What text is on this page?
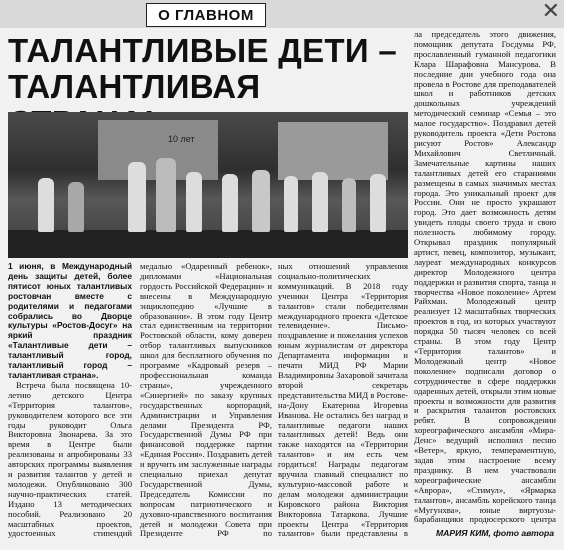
О ГЛАВНОМ	✕
ТАЛАНТЛИВЫЕ ДЕТИ –
ТАЛАНТЛИВАЯ
10 лет
1 июня, в Международный день защиты детей, более пятисот юных талантливых ростовчан вместе с родителями и педагогами собрались во Дворце культуры «Ростов-Досуг» на яркий праздник «Талантливые дети – талантливый город, талантливый город – талантливая страна».
Встреча была посвящена 10-летию детского Центра «Территория талантов», руководителем которого все эти годы руководит Ольга Викторовна Звонарева. За это время в Центре были реализованы и апробированы 33 авторских программы выявления и развития талантов у детей и молодежи. Опубликовано 300 научно-практических статей. Издано 13 методических пособий. Реализовано 20 масштабных проектов, удостоенных стипендий
медалью «Одаренный ребенок», дипломами «Национальная гордость Российской Федерации» и внесены в Международную энциклопедию «Лучшие в образовании». В этом году Центр стал единственным на территории Ростовской области, кому доверен отбор талантливых выпускников школ для бесплатного обучения по программе «Кадровый резерв – профессиональная команда страны», учрежденного «Синергией» по заказу крупных государственных корпораций, Администрации и Управления делами Президента РФ, Государственной Думы РФ при финансовой поддержке партии «Единая Россия». Поздравить детей и вручить им заслуженные награды специально приехал депутат Государственной Думы, Председатель Комиссии по вопросам патриотического и духовно-нравственного воспитания детей и молодежи Совета при Президенте РФ по
ных отношений управления социально-политических коммуникаций. В 2018 году ученики Центра «Территория талантов» стали победителями международного проекта «Детское телевидение». Письмо-поздравление и пожелания успехов юным журналистам от директора Департамента информации и печати МИД РФ Марии Владимировны Захаровой зачитала второй секретарь представительства МИД в Ростове-на-Дону Екатерина Игоревна Иванова. Не остались без наград и талантливые педагоги наших талантливых детей! Ведь они также находятся на «Территории талантов» и им есть чем гордиться! Награды педагогам вручила главный специалист по культурно-массовой работе и делам молодежи администрации Кировского района Виктория Викторовна Татаркова. Лучшие проекты Центра «Территория талантов» были представлены в
ла председатель этого движения, помощник депутата Госдумы РФ, прославленный гуманной педагогики Клара Шарафовна Мансурова. В последние дни учебного года она провела в Ростове для преподавателей школ и работников детских дошкольных учреждений методический семинар «Семья – это малое государство». Поздравил детей руководитель проекта «Дети Ростова рисуют Ростов» Александр Михайлович Светличный. Замечательные картины наших талантливых детей его стараниями размещены в самых значимых местах города. Это уникальный проект для России. Они не просто украшают город. Это дает возможность детям увидеть плоды своего труда и свою полезность любимому городу. Открывал праздник популярный артист, певец, композитор, музыкант, лауреат международных конкурсов директор Молодежного центра поддержки и развития спорта, танца и творчества «Новое поколение» Артем Райхман. Молодежный центр реализует 12 масштабных творческих проектов в год, из которых участвуют порядка 50 тысяч человек со всей страны. В этом году Центр «Территория талантов» и Молодежный центр «Новое поколение» подписали договор о сотрудничестве в сфере поддержки одаренных детей, открыли этим новые проекты и возможности для развития и раскрытия талантов ростовских ребят. В сопровождении хореографического ансамбля «Мира-Денс» ведущий исполнил песню «Ветер», яркую, темпераментную, задав этим настроение всему празднику. В нем участвовали хореографические ансамбли «Аврора», «Стимул», «Ярмарка талантов», ансамбль корейского танца «Мугунхва», юные виртуозы-барабанщики продюсерского центра
МАРИЯ КИМ, фото автора
